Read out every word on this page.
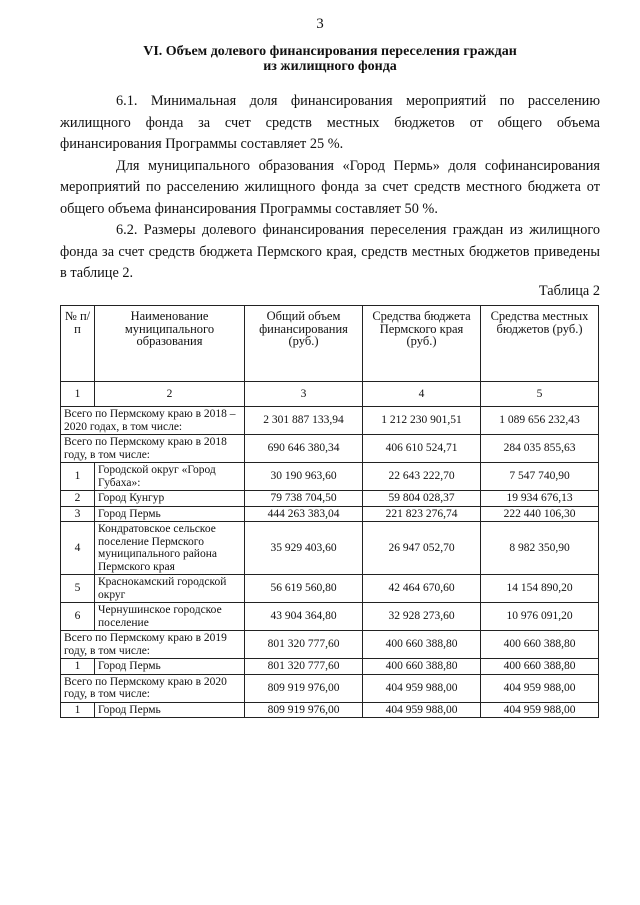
3
VI. Объем долевого финансирования переселения граждан
из жилищного фонда

6.1. Минимальная доля финансирования мероприятий по расселению жилищного фонда за счет средств местных бюджетов от общего объема финансирования Программы составляет 25 %.

Для муниципального образования «Город Пермь» доля софинансирования мероприятий по расселению жилищного фонда за счет средств местного бюджета от общего объема финансирования Программы составляет 50 %.

6.2. Размеры долевого финансирования переселения граждан из жилищного фонда за счет средств бюджета Пермского края, средств местных бюджетов приведены в таблице 2.

Таблица 2
№ п/п	Наименование муниципального образования	Общий объем финансирования (руб.)	Средства бюджета Пермского края (руб.)	Средства местных бюджетов (руб.)
1	2	3	4	5
Всего по Пермскому краю в 2018 – 2020 годах, в том числе:		2 301 887 133,94	1 212 230 901,51	1 089 656 232,43
Всего по Пермскому краю в 2018 году, в том числе:		690 646 380,34	406 610 524,71	284 035 855,63
1	Городской округ «Город Губаха»:	30 190 963,60	22 643 222,70	7 547 740,90
2	Город Кунгур	79 738 704,50	59 804 028,37	19 934 676,13
3	Город Пермь	444 263 383,04	221 823 276,74	222 440 106,30
4	Кондратовское сельское поселение Пермского муниципального района Пермского края	35 929 403,60	26 947 052,70	8 982 350,90
5	Краснокамский городской округ	56 619 560,80	42 464 670,60	14 154 890,20
6	Чернушинское городское поселение	43 904 364,80	32 928 273,60	10 976 091,20
Всего по Пермскому краю в 2019 году, в том числе:		801 320 777,60	400 660 388,80	400 660 388,80
1	Город Пермь	801 320 777,60	400 660 388,80	400 660 388,80
Всего по Пермскому краю в 2020 году, в том числе:		809 919 976,00	404 959 988,00	404 959 988,00
1	Город Пермь	809 919 976,00	404 959 988,00	404 959 988,00
